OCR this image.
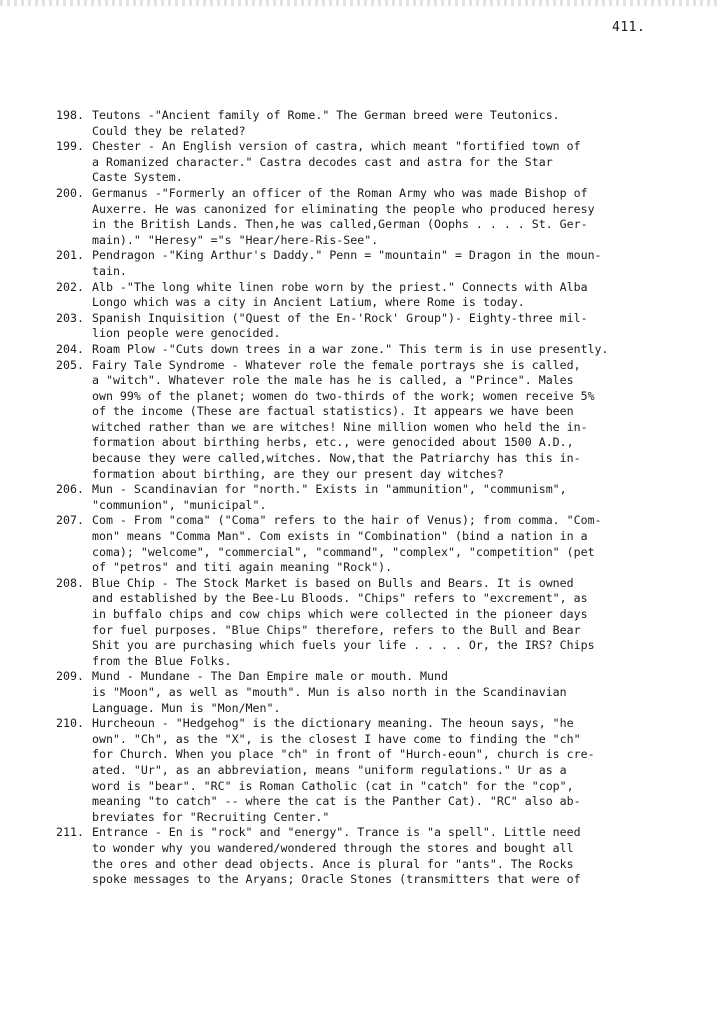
411.
198. Teutons -"Ancient family of Rome." The German breed were Teutonics.
Could they be related?
199. Chester - An English version of castra, which meant "fortified town of
a Romanized character." Castra decodes cast and astra for the Star
Caste System.
200. Germanus -"Formerly an officer of the Roman Army who was made Bishop of
Auxerre. He was canonized for eliminating the people who produced heresy
in the British Lands. Then,he was called,German (Oophs . . . . St. Ger-
main)." "Heresy" ="s "Hear/here-Ris-See".
201. Pendragon -"King Arthur's Daddy." Penn = "mountain" = Dragon in the moun-
tain.
202. Alb -"The long white linen robe worn by the priest." Connects with Alba
Longo which was a city in Ancient Latium, where Rome is today.
203. Spanish Inquisition ("Quest of the En-'Rock' Group")- Eighty-three mil-
lion people were genocided.
204. Roam Plow -"Cuts down trees in a war zone." This term is in use presently.
205. Fairy Tale Syndrome - Whatever role the female portrays she is called,
a "witch". Whatever role the male has he is called, a "Prince". Males
own 99% of the planet; women do two-thirds of the work; women receive 5%
of the income (These are factual statistics). It appears we have been
witched rather than we are witches! Nine million women who held the in-
formation about birthing herbs, etc., were genocided about 1500 A.D.,
because they were called,witches. Now,that the Patriarchy has this in-
formation about birthing, are they our present day witches?
206. Mun - Scandinavian for "north." Exists in "ammunition", "communism",
"communion", "municipal".
207. Com - From "coma" ("Coma" refers to the hair of Venus); from comma. "Com-
mon" means "Comma Man". Com exists in "Combination" (bind a nation in a
coma); "welcome", "commercial", "command", "complex", "competition" (pet
of "petros" and titi again meaning "Rock").
208. Blue Chip - The Stock Market is based on Bulls and Bears. It is owned
and established by the Bee-Lu Bloods. "Chips" refers to "excrement", as
in buffalo chips and cow chips which were collected in the pioneer days
for fuel purposes. "Blue Chips" therefore, refers to the Bull and Bear
Shit you are purchasing which fuels your life . . . . Or, the IRS? Chips
from the Blue Folks.
209. Mund - Mundane - The Dan Empire male or mouth. Mund
is "Moon", as well as "mouth". Mun is also north in the Scandinavian
Language. Mun is "Mon/Men".
210. Hurcheoun - "Hedgehog" is the dictionary meaning. The heoun says, "he
own". "Ch", as the "X", is the closest I have come to finding the "ch"
for Church. When you place "ch" in front of "Hurch-eoun", church is cre-
ated. "Ur", as an abbreviation, means "uniform regulations." Ur as a
word is "bear". "RC" is Roman Catholic (cat in "catch" for the "cop",
meaning "to catch" -- where the cat is the Panther Cat). "RC" also ab-
breviates for "Recruiting Center."
211. Entrance - En is "rock" and "energy". Trance is "a spell". Little need
to wonder why you wandered/wondered through the stores and bought all
the ores and other dead objects. Ance is plural for "ants". The Rocks
spoke messages to the Aryans; Oracle Stones (transmitters that were of
